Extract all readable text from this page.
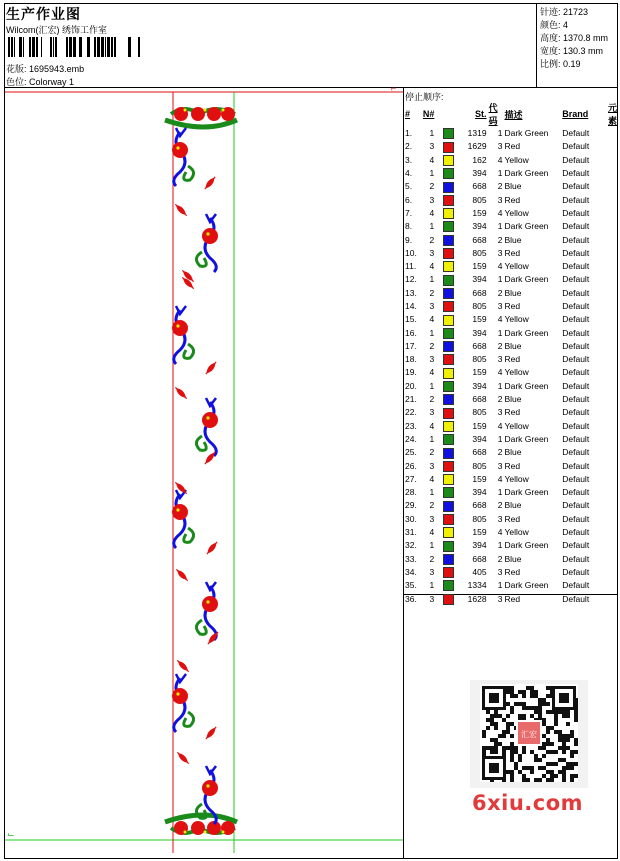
生产作业图
Wilcom(汇宏) 绣饰工作室
花版: 1695943.emb
色位: Colorway 1
针迹: 21723
颜色: 4
高度: 1370.8 mm
宽度: 130.3 mm
比例: 0.19
⌐
⌙
停止顺序:
#	N#		St.	代码	描述	Brand	元素
1.	1		1319	1	Dark Green	Default	
2.	3		1629	3	Red	Default	
3.	4		162	4	Yellow	Default	
4.	1		394	1	Dark Green	Default	
5.	2		668	2	Blue	Default	
6.	3		805	3	Red	Default	
7.	4		159	4	Yellow	Default	
8.	1		394	1	Dark Green	Default	
9.	2		668	2	Blue	Default	
10.	3		805	3	Red	Default	
11.	4		159	4	Yellow	Default	
12.	1		394	1	Dark Green	Default	
13.	2		668	2	Blue	Default	
14.	3		805	3	Red	Default	
15.	4		159	4	Yellow	Default	
16.	1		394	1	Dark Green	Default	
17.	2		668	2	Blue	Default	
18.	3		805	3	Red	Default	
19.	4		159	4	Yellow	Default	
20.	1		394	1	Dark Green	Default	
21.	2		668	2	Blue	Default	
22.	3		805	3	Red	Default	
23.	4		159	4	Yellow	Default	
24.	1		394	1	Dark Green	Default	
25.	2		668	2	Blue	Default	
26.	3		805	3	Red	Default	
27.	4		159	4	Yellow	Default	
28.	1		394	1	Dark Green	Default	
29.	2		668	2	Blue	Default	
30.	3		805	3	Red	Default	
31.	4		159	4	Yellow	Default	
32.	1		394	1	Dark Green	Default	
33.	2		668	2	Blue	Default	
34.	3		405	3	Red	Default	
35.	1		1334	1	Dark Green	Default	
36.	3		1628	3	Red	Default	
汇宏
6xiu.com
